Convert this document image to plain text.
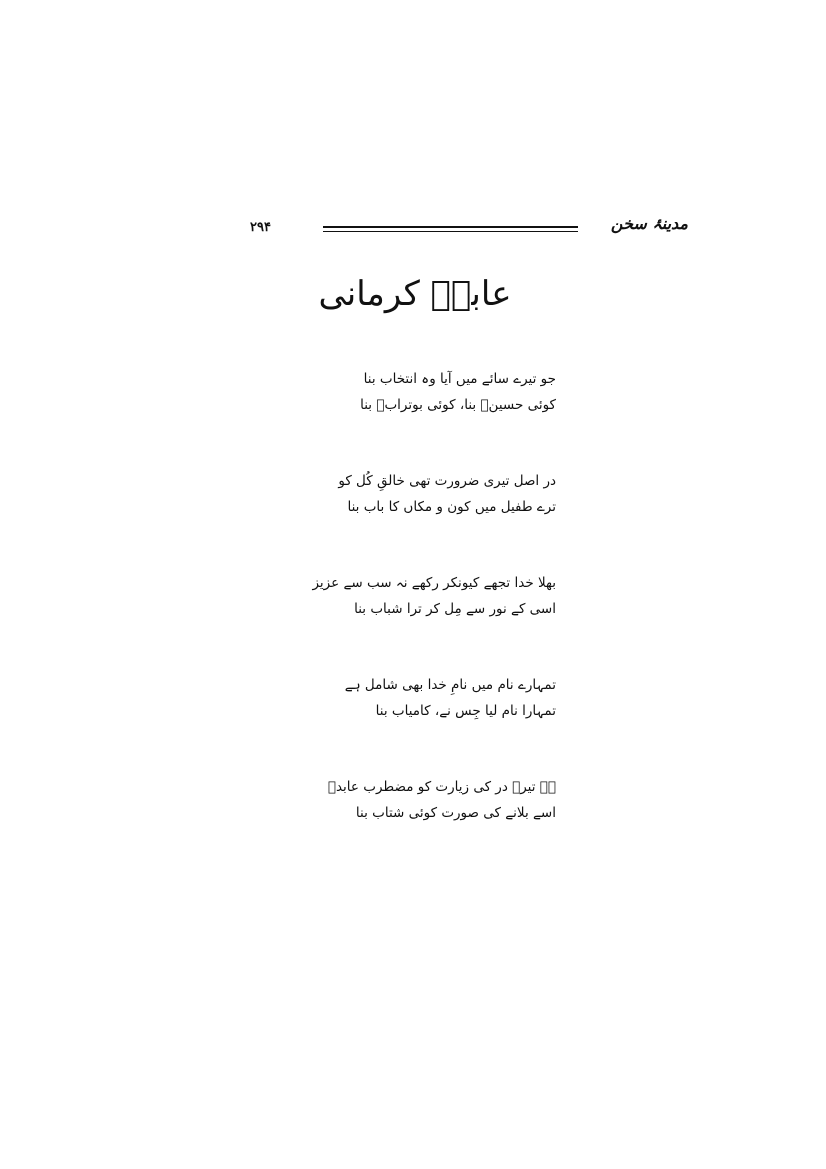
۲۹۴	مدینۂ سخن
عابدؔ کرمانی
جو تیرے سائے میں آیا وہ انتخاب بنا
کوئی حسینؑ بنا، کوئی بوترابؑ بنا
در اصل تیری ضرورت تھی خالقِ کُل کو
ترے طفیل میں کون و مکاں کا باب بنا
بھلا خدا تجھے کیونکر رکھے نہ سب سے عزیز
اسی کے نور سے مِل کر ترا شباب بنا
تمہارے نام میں نامِ خدا بھی شامل ہے
تمہارا نام لیا جِس نے، کامیاب بنا
ہے تیرے در کی زیارت کو مضطرب عابدؔ
اسے بلانے کی صورت کوئی شتاب بنا
